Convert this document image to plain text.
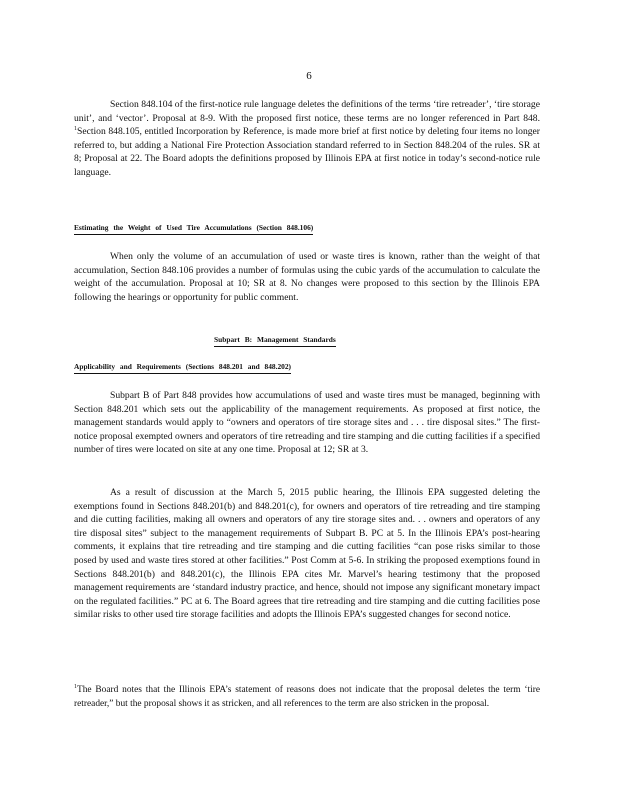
6

Section 848.104 of the first-notice rule language deletes the definitions of the terms ‘tire retreader’, ‘tire storage unit’, and ‘vector’. Proposal at 8-9. With the proposed first notice, these terms are no longer referenced in Part 848. $^1$Section 848.105, entitled Incorporation by Reference, is made more brief at first notice by deleting four items no longer referred to, but adding a National Fire Protection Association standard referred to in Section 848.204 of the rules. SR at 8; Proposal at 22. The Board adopts the definitions proposed by Illinois EPA at first notice in today’s second-notice rule language.

Estimating the Weight of Used Tire Accumulations (Section 848.106)

When only the volume of an accumulation of used or waste tires is known, rather than the weight of that accumulation, Section 848.106 provides a number of formulas using the cubic yards of the accumulation to calculate the weight of the accumulation. Proposal at 10; SR at 8. No changes were proposed to this section by the Illinois EPA following the hearings or opportunity for public comment.

Subpart B: Management Standards
Applicability and Requirements (Sections 848.201 and 848.202)

Subpart B of Part 848 provides how accumulations of used and waste tires must be managed, beginning with Section 848.201 which sets out the applicability of the management requirements. As proposed at first notice, the management standards would apply to “owners and operators of tire storage sites and . . . tire disposal sites.” The first-notice proposal exempted owners and operators of tire retreading and tire stamping and die cutting facilities if a specified number of tires were located on site at any one time. Proposal at 12; SR at 3.

As a result of discussion at the March 5, 2015 public hearing, the Illinois EPA suggested deleting the exemptions found in Sections 848.201(b) and 848.201(c), for owners and operators of tire retreading and tire stamping and die cutting facilities, making all owners and operators of any tire storage sites and. . . owners and operators of any tire disposal sites” subject to the management requirements of Subpart B. PC at 5. In the Illinois EPA’s post-hearing comments, it explains that tire retreading and tire stamping and die cutting facilities “can pose risks similar to those posed by used and waste tires stored at other facilities.” Post Comm at 5-6. In striking the proposed exemptions found in Sections 848.201(b) and 848.201(c), the Illinois EPA cites Mr. Marvel’s hearing testimony that the proposed management requirements are ‘standard industry practice, and hence, should not impose any significant monetary impact on the regulated facilities.” PC at 6. The Board agrees that tire retreading and tire stamping and die cutting facilities pose similar risks to other used tire storage facilities and adopts the Illinois EPA’s suggested changes for second notice.

$^1$The Board notes that the Illinois EPA’s statement of reasons does not indicate that the proposal deletes the term ‘tire retreader,” but the proposal shows it as stricken, and all references to the term are also stricken in the proposal.
